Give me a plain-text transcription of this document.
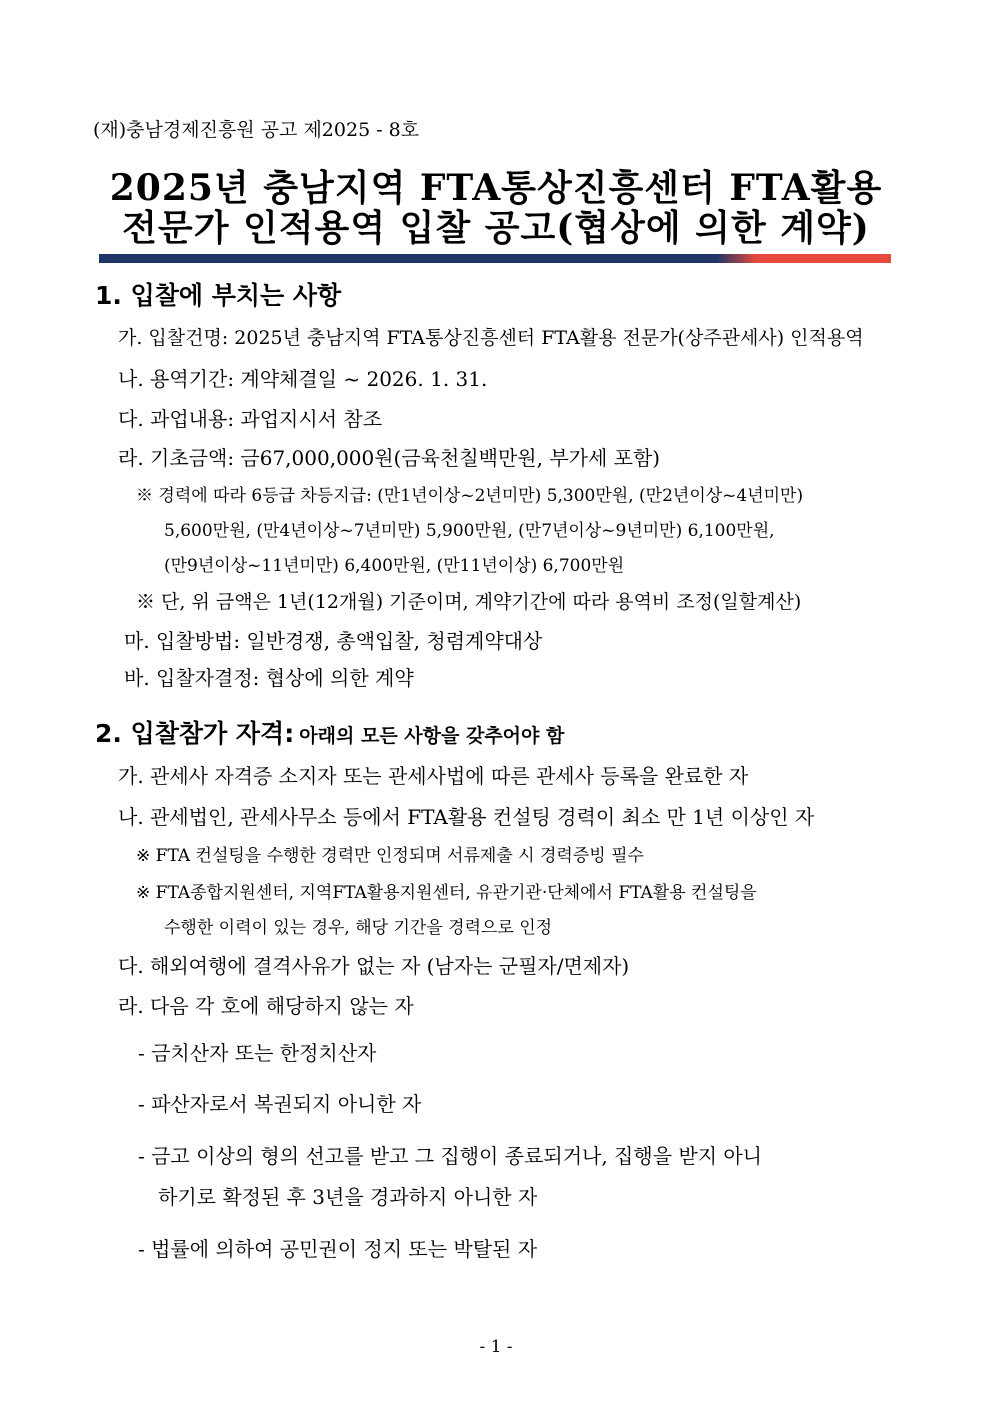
(재)충남경제진흥원 공고 제2025 - 8호
2025년 충남지역 FTA통상진흥센터 FTA활용
전문가 인적용역 입찰 공고(협상에 의한 계약)
1. 입찰에 부치는 사항
가. 입찰건명: 2025년 충남지역 FTA통상진흥센터 FTA활용 전문가(상주관세사) 인적용역
나. 용역기간: 계약체결일 ~ 2026. 1. 31.
다. 과업내용: 과업지시서 참조
라. 기초금액: 금67,000,000원(금육천칠백만원, 부가세 포함)
※ 경력에 따라 6등급 차등지급: (만1년이상~2년미만) 5,300만원, (만2년이상~4년미만)
5,600만원, (만4년이상~7년미만) 5,900만원, (만7년이상~9년미만) 6,100만원,
(만9년이상~11년미만) 6,400만원, (만11년이상) 6,700만원
※ 단, 위 금액은 1년(12개월) 기준이며, 계약기간에 따라 용역비 조정(일할계산)
마. 입찰방법: 일반경쟁, 총액입찰, 청렴계약대상
바. 입찰자결정: 협상에 의한 계약
2. 입찰참가 자격: 아래의 모든 사항을 갖추어야 함
가. 관세사 자격증 소지자 또는 관세사법에 따른 관세사 등록을 완료한 자
나. 관세법인, 관세사무소 등에서 FTA활용 컨설팅 경력이 최소 만 1년 이상인 자
※ FTA 컨설팅을 수행한 경력만 인정되며 서류제출 시 경력증빙 필수
※ FTA종합지원센터, 지역FTA활용지원센터, 유관기관·단체에서 FTA활용 컨설팅을
수행한 이력이 있는 경우, 해당 기간을 경력으로 인정
다. 해외여행에 결격사유가 없는 자 (남자는 군필자/면제자)
라. 다음 각 호에 해당하지 않는 자
- 금치산자 또는 한정치산자
- 파산자로서 복권되지 아니한 자
- 금고 이상의 형의 선고를 받고 그 집행이 종료되거나, 집행을 받지 아니
하기로 확정된 후 3년을 경과하지 아니한 자
- 법률에 의하여 공민권이 정지 또는 박탈된 자
- 1 -
